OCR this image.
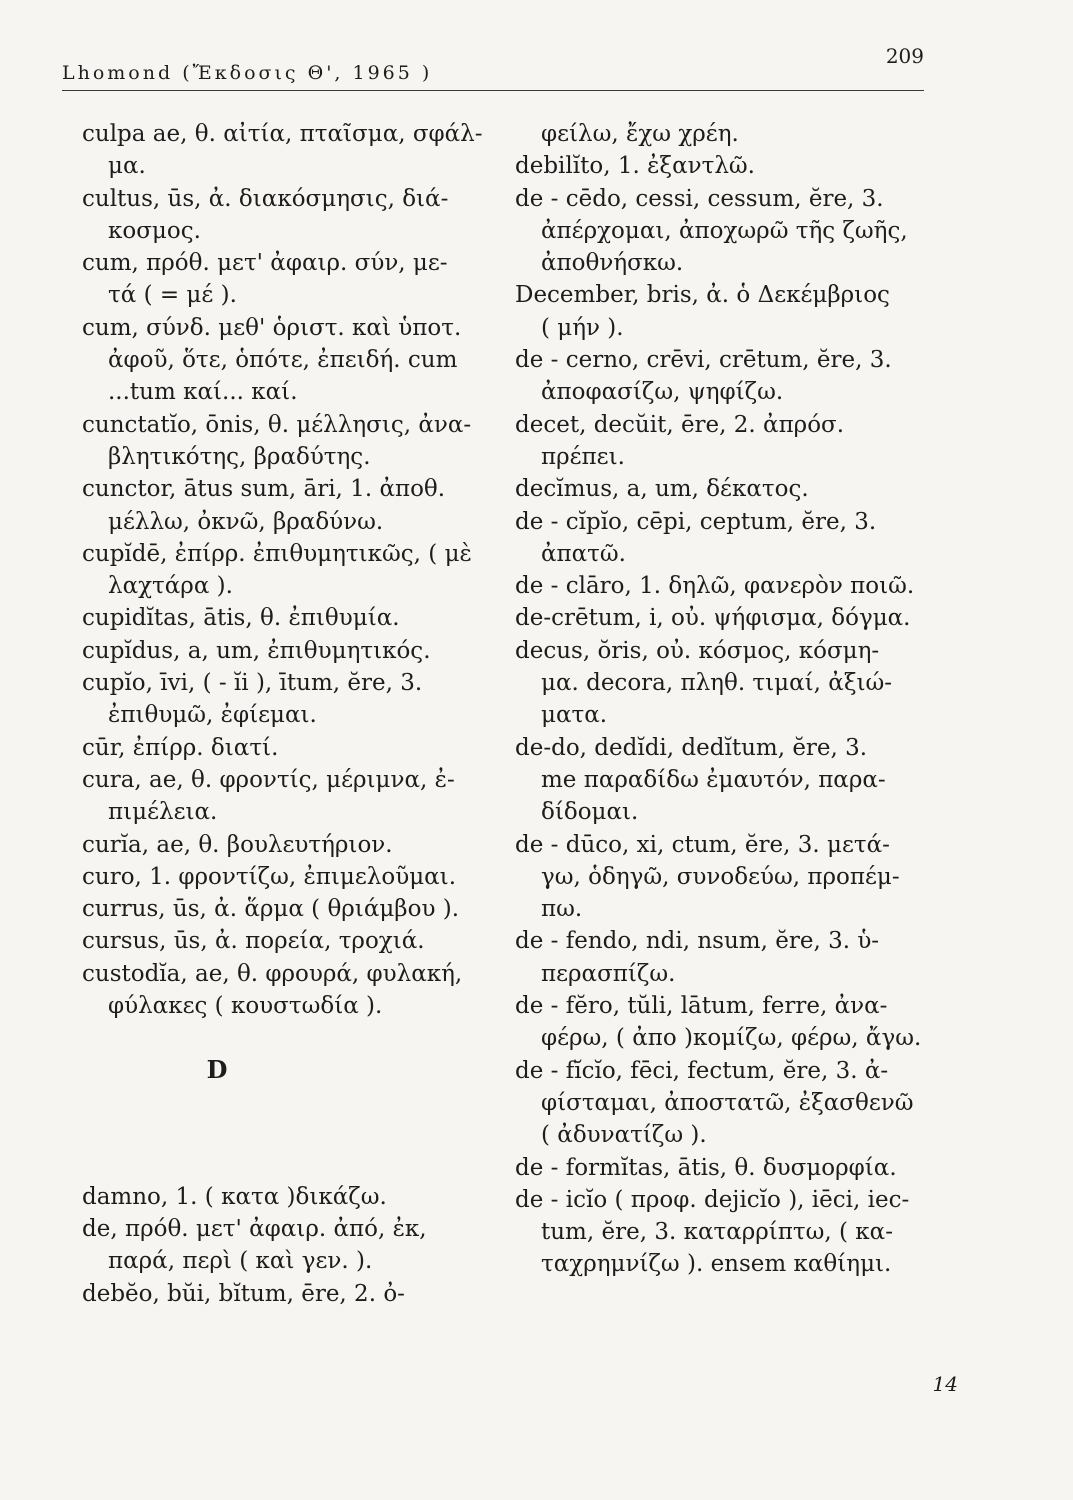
Lhomond (Ἔκδοσις Θ', 1965 )
209
culpa ae, θ. αἰτία, πταῖσμα, σφάλ-
μα.
cultus, ūs, ἀ. διακόσμησις, διά-
κοσμος.
cum, πρόθ. μετ' ἀφαιρ. σύν, με-
τά ( = μέ ).
cum, σύνδ. μεθ' ὁριστ. καὶ ὑποτ.
ἀφοῦ, ὅτε, ὁπότε, ἐπειδή. cum
...tum καί... καί.
cunctatĭo, ōnis, θ. μέλλησις, ἀνα-
βλητικότης, βραδύτης.
cunctor, ātus sum, āri, 1. ἀποθ.
μέλλω, ὀκνῶ, βραδύνω.
cupĭdē, ἐπίρρ. ἐπιθυμητικῶς, ( μὲ
λαχτάρα ).
cupidĭtas, ātis, θ. ἐπιθυμία.
cupĭdus, a, um, ἐπιθυμητικός.
cupĭo, īvi, ( - ĭi ), ītum, ĕre, 3.
ἐπιθυμῶ, ἐφίεμαι.
cūr, ἐπίρρ. διατί.
cura, ae, θ. φροντίς, μέριμνα, ἐ-
πιμέλεια.
curĭa, ae, θ. βουλευτήριον.
curo, 1. φροντίζω, ἐπιμελοῦμαι.
currus, ūs, ἀ. ἅρμα ( θριάμβου ).
cursus, ūs, ἀ. πορεία, τροχιά.
custodĭa, ae, θ. φρουρά, φυλακή,
φύλακες ( κουστωδία ).
D
damno, 1. ( κατα )δικάζω.
de, πρόθ. μετ' ἀφαιρ. ἀπό, ἐκ,
παρά, περὶ ( καὶ γεν. ).
debĕo, bŭi, bĭtum, ēre, 2. ὀ-
φείλω, ἔχω χρέη.
debilĭto, 1. ἐξαντλῶ.
de - cēdo, cessi, cessum, ĕre, 3.
ἀπέρχομαι, ἀποχωρῶ τῆς ζωῆς,
ἀποθνήσκω.
December, bris, ἀ. ὁ Δεκέμβριος
( μήν ).
de - cerno, crēvi, crētum, ĕre, 3.
ἀποφασίζω, ψηφίζω.
decet, decŭit, ēre, 2. ἀπρόσ.
πρέπει.
decĭmus, a, um, δέκατος.
de - cĭpĭo, cēpi, ceptum, ĕre, 3.
ἀπατῶ.
de - clāro, 1. δηλῶ, φανερὸν ποιῶ.
de-crētum, i, οὐ. ψήφισμα, δόγμα.
decus, ŏris, οὐ. κόσμος, κόσμη-
μα. decora, πληθ. τιμαί, ἀξιώ-
ματα.
de-do, dedĭdi, dedĭtum, ĕre, 3.
me παραδίδω ἐμαυτόν, παρα-
δίδομαι.
de - dūco, xi, ctum, ĕre, 3. μετά-
γω, ὁδηγῶ, συνοδεύω, προπέμ-
πω.
de - fendo, ndi, nsum, ĕre, 3. ὑ-
περασπίζω.
de - fĕro, tŭli, lātum, ferre, ἀνα-
φέρω, ( ἀπο )κομίζω, φέρω, ἄγω.
de - fĭcĭo, fēci, fectum, ĕre, 3. ἀ-
φίσταμαι, ἀποστατῶ, ἐξασθενῶ
( ἀδυνατίζω ).
de - formĭtas, ātis, θ. δυσμορφία.
de - icĭo ( προφ. dejicĭo ), iēci, iec-
tum, ĕre, 3. καταρρίπτω, ( κα-
ταχρημνίζω ). ensem καθίημι.
14
